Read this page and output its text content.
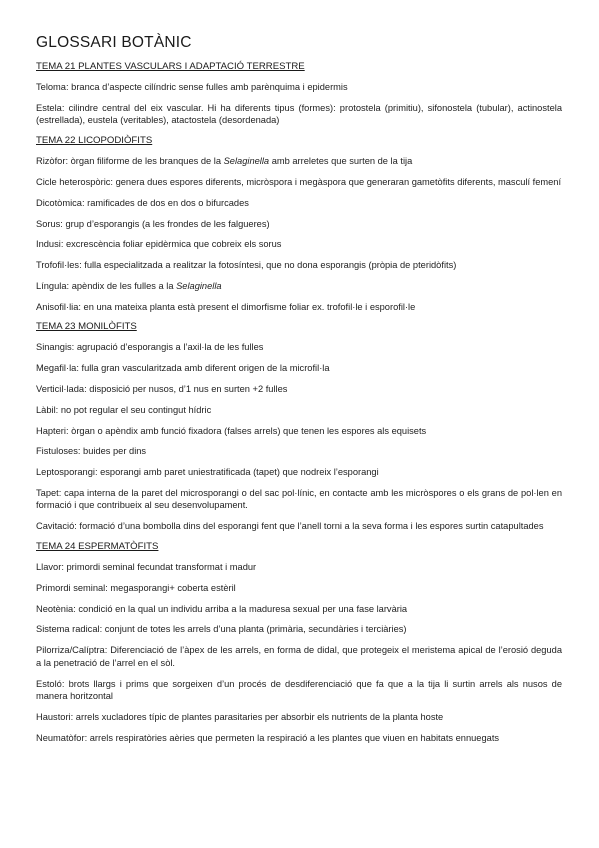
GLOSSARI BOTÀNIC
TEMA 21 PLANTES VASCULARS I ADAPTACIÓ TERRESTRE
Teloma: branca d’aspecte cilíndric sense fulles amb parènquima i epidermis
Estela: cilindre central del eix vascular. Hi ha diferents tipus (formes): protostela (primitiu), sifonostela (tubular), actinostela (estrellada), eustela (veritables), atactostela (desordenada)
TEMA 22 LICOPODIÒFITS
Rizòfor: òrgan filiforme de les branques de la Selaginella amb arreletes que surten de la tija
Cicle heterospòric: genera dues espores diferents, micròspora i megàspora que generaran gametòfits diferents, masculí femení
Dicotòmica: ramificades de dos en dos o bifurcades
Sorus: grup d’esporangis (a les frondes de les falgueres)
Indusi: excrescència foliar epidèrmica que cobreix els sorus
Trofofil·les: fulla especialitzada a realitzar la fotosíntesi, que no dona esporangis (pròpia de pteridòfits)
Língula: apèndix de les fulles a la Selaginella
Anisofil·lia: en una mateixa planta està present el dimorfisme foliar ex. trofofil·le i esporofil·le
TEMA 23 MONILÒFITS
Sinangis: agrupació d’esporangis a l’axil·la de les fulles
Megafil·la: fulla gran vascularitzada amb diferent origen de la microfil·la
Verticil·lada: disposició per nusos, d’1 nus en surten +2 fulles
Làbil: no pot regular el seu contingut hídric
Hapteri: òrgan o apèndix amb funció fixadora (falses arrels) que tenen les espores als equisets
Fistuloses: buides per dins
Leptosporangi: esporangi amb paret uniestratificada (tapet) que nodreix l’esporangi
Tapet: capa interna de la paret del microsporangi o del sac pol·línic, en contacte amb les micròspores o els grans de pol·len en formació i que contribueix al seu desenvolupament.
Cavitació: formació d’una bombolla dins del esporangi fent que l’anell torni a la seva forma i les espores surtin catapultades
TEMA 24 ESPERMATÒFITS
Llavor: primordi seminal fecundat transformat i madur
Primordi seminal: megasporangi+ coberta estèril
Neotènia: condició en la qual un individu arriba a la maduresa sexual per una fase larvària
Sistema radical: conjunt de totes les arrels d’una planta (primària, secundàries i terciàries)
Pilorriza/Calíptra: Diferenciació de l’àpex de les arrels, en forma de didal, que protegeix el meristema apical de l’erosió deguda a la penetració de l’arrel en el sòl.
Estoló: brots llargs i prims que sorgeixen d’un procés de desdiferenciació que fa que a la tija li surtin arrels als nusos de manera horitzontal
Haustori: arrels xucladores típic de plantes parasitaries per absorbir els nutrients de la planta hoste
Neumatòfor: arrels respiratòries aèries que permeten la respiració a les plantes que viuen en habitats ennuegats
